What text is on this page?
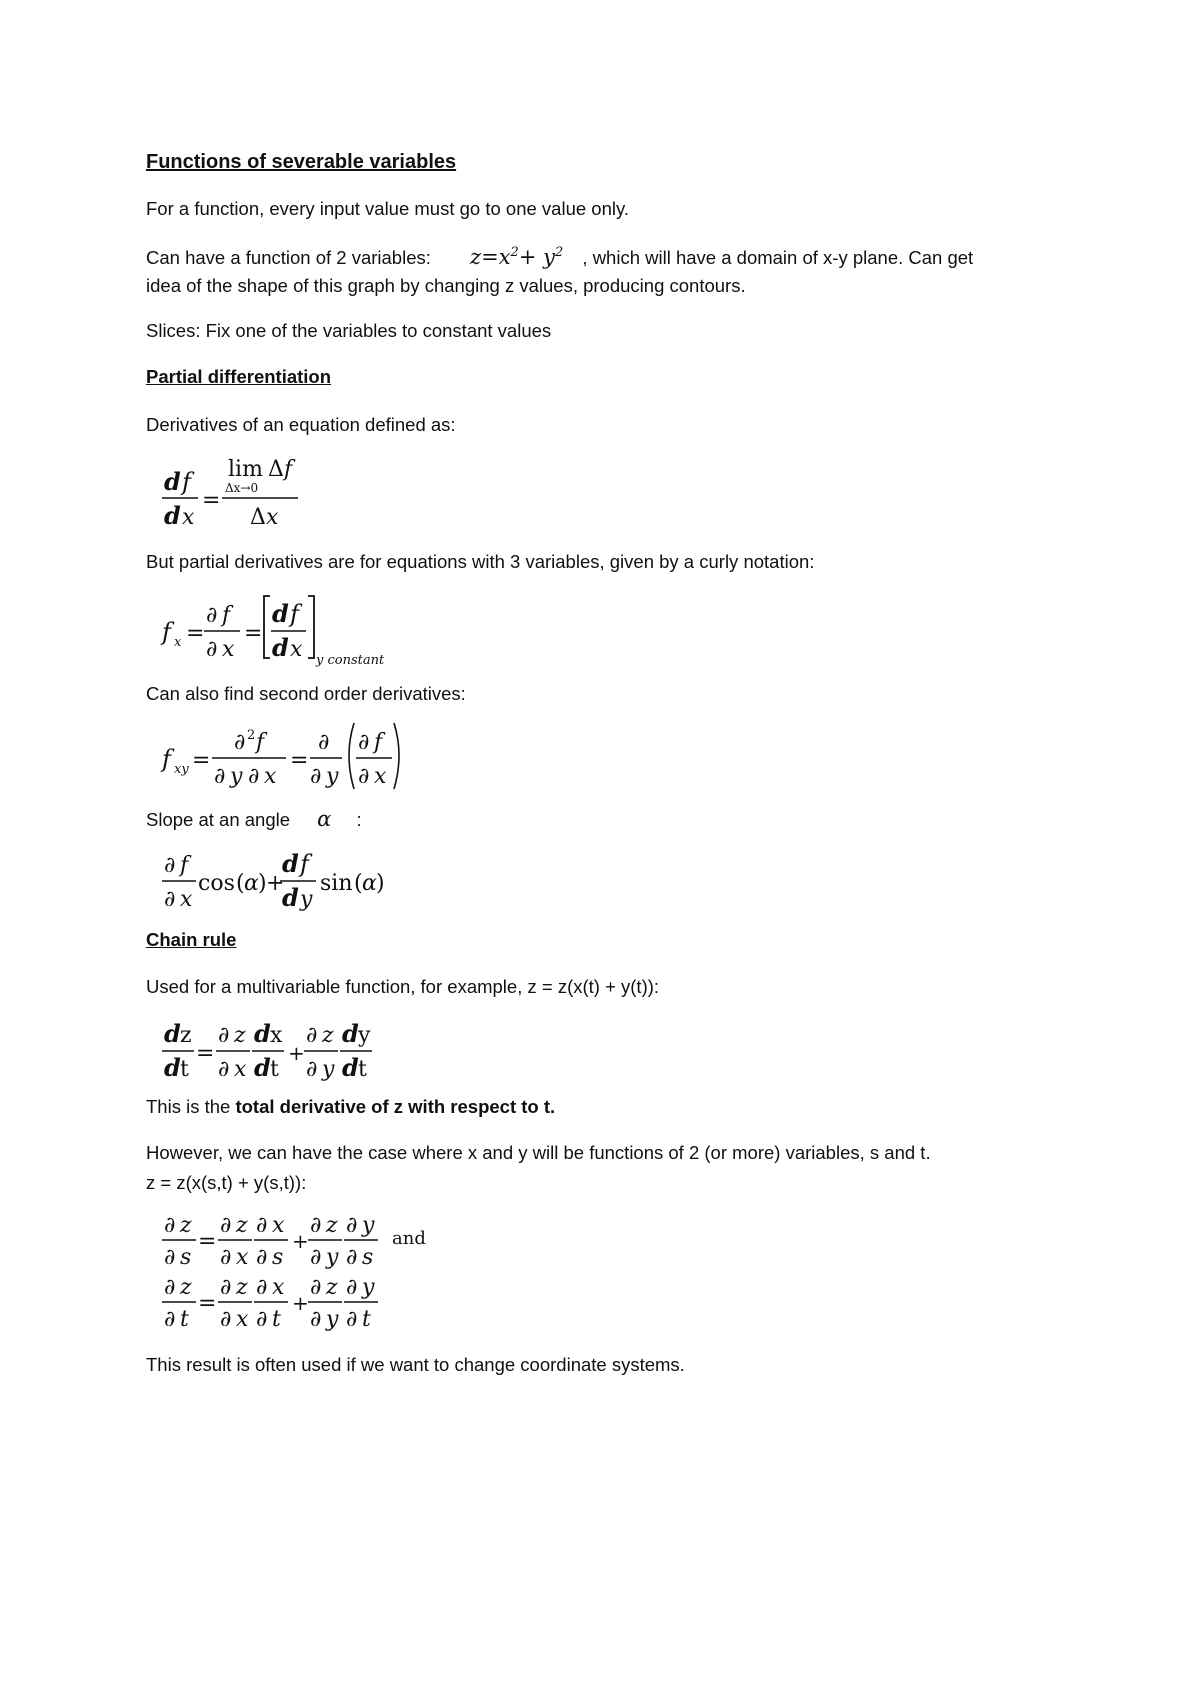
Functions of severable variables
For a function, every input value must go to one value only.
Can have a function of 2 variables: $z=x^2+ y^2$ , which will have a domain of x-y plane. Can get
idea of the shape of this graph by changing z values, producing contours.
Slices: Fix one of the variables to constant values
Partial differentiation
Derivatives of an equation defined as:
d f
d x
=
lim
Δx→0
Δ f
Δ x
But partial derivatives are for equations with 3 variables, given by a curly notation:
f x =
∂ f
∂ x
=
d f
d x y constant
Can also find second order derivatives:
f xy =
∂ 2 f
∂ y ∂ x
=
∂
∂ y
∂ f
∂ x
Slope at an angle α :
∂ f
∂ x
cos ( α ) +
d f
d y
sin ( α )
Chain rule
Used for a multivariable function, for example, z = z(x(t) + y(t)):
d z
d t
=
∂ z
∂ x
d x
d t
+
∂ z
∂ y
d y
d t
This is the total derivative of z with respect to t.
However, we can have the case where x and y will be functions of 2 (or more) variables, s and t.
z = z(x(s,t) + y(s,t)):
∂ z
∂ s
=
∂ z
∂ x
∂ x
∂ s
+
∂ z
∂ y
∂ y
∂ s
and
∂ z
∂ t
=
∂ z
∂ x
∂ x
∂ t
+
∂ z
∂ y
∂ y
∂ t
This result is often used if we want to change coordinate systems.
